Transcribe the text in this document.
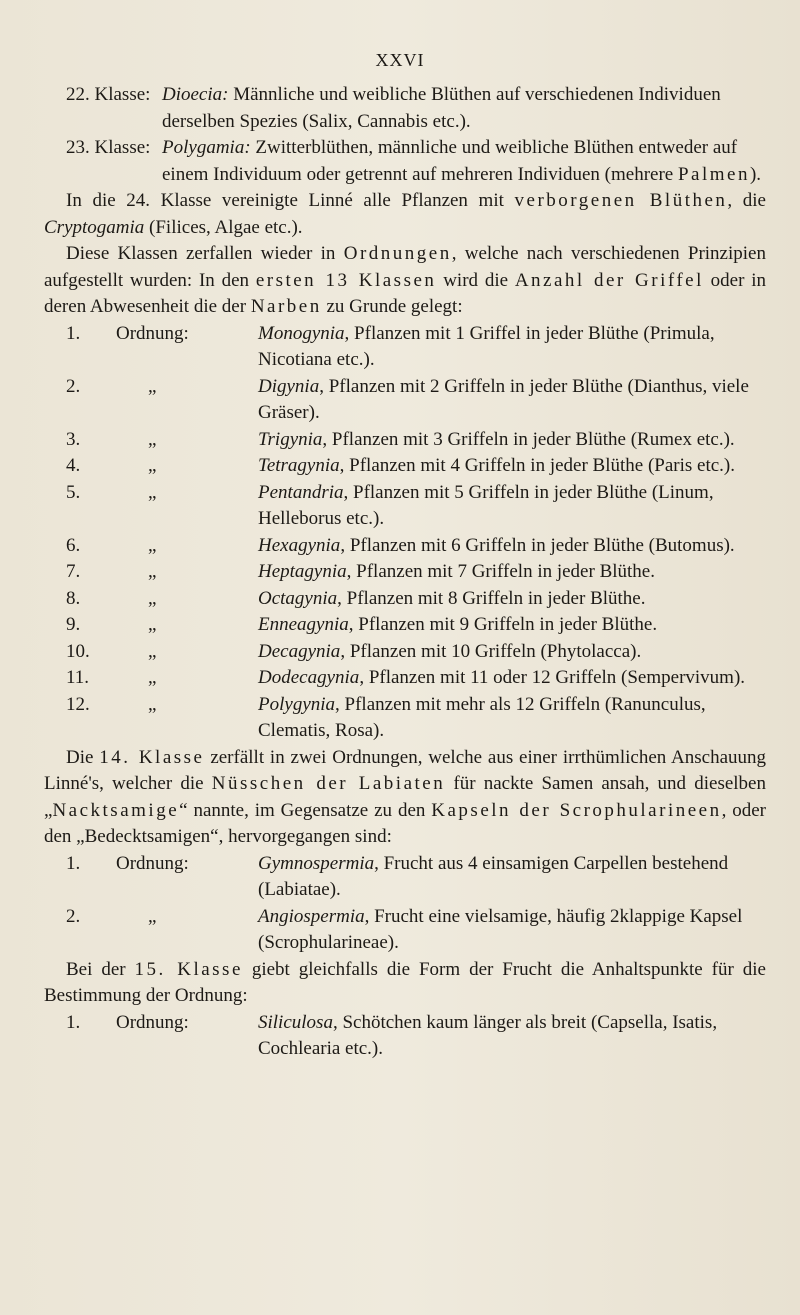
XXVI
22. Klasse: Dioecia: Männliche und weibliche Blüthen auf verschiedenen Individuen derselben Spezies (Salix, Cannabis etc.).
23. Klasse: Polygamia: Zwitterblüthen, männliche und weibliche Blüthen entweder auf einem Individuum oder getrennt auf mehreren Individuen (mehrere Palmen).
In die 24. Klasse vereinigte Linné alle Pflanzen mit verborgenen Blüthen, die Cryptogamia (Filices, Algae etc.).
Diese Klassen zerfallen wieder in Ordnungen, welche nach verschiedenen Prinzipien aufgestellt wurden: In den ersten 13 Klassen wird die Anzahl der Griffel oder in deren Abwesenheit die der Narben zu Grunde gelegt:
1.	Ordnung:	Monogynia, Pflanzen mit 1 Griffel in jeder Blüthe (Primula, Nicotiana etc.).
2.	„	Digynia, Pflanzen mit 2 Griffeln in jeder Blüthe (Dianthus, viele Gräser).
3.	„	Trigynia, Pflanzen mit 3 Griffeln in jeder Blüthe (Rumex etc.).
4.	„	Tetragynia, Pflanzen mit 4 Griffeln in jeder Blüthe (Paris etc.).
5.	„	Pentandria, Pflanzen mit 5 Griffeln in jeder Blüthe (Linum, Helleborus etc.).
6.	„	Hexagynia, Pflanzen mit 6 Griffeln in jeder Blüthe (Butomus).
7.	„	Heptagynia, Pflanzen mit 7 Griffeln in jeder Blüthe.
8.	„	Octagynia, Pflanzen mit 8 Griffeln in jeder Blüthe.
9.	„	Enneagynia, Pflanzen mit 9 Griffeln in jeder Blüthe.
10.	„	Decagynia, Pflanzen mit 10 Griffeln (Phytolacca).
11.	„	Dodecagynia, Pflanzen mit 11 oder 12 Griffeln (Sempervivum).
12.	„	Polygynia, Pflanzen mit mehr als 12 Griffeln (Ranunculus, Clematis, Rosa).
Die 14. Klasse zerfällt in zwei Ordnungen, welche aus einer irrthümlichen Anschauung Linné's, welcher die Nüsschen der Labiaten für nackte Samen ansah, und dieselben „Nacktsamige“ nannte, im Gegensatze zu den Kapseln der Scrophularineen, oder den „Bedecktsamigen“, hervorgegangen sind:
1.	Ordnung:	Gymnospermia, Frucht aus 4 einsamigen Carpellen bestehend (Labiatae).
2.	„	Angiospermia, Frucht eine vielsamige, häufig 2klappige Kapsel (Scrophularineae).
Bei der 15. Klasse giebt gleichfalls die Form der Frucht die Anhaltspunkte für die Bestimmung der Ordnung:
1.	Ordnung:	Siliculosa, Schötchen kaum länger als breit (Capsella, Isatis, Cochlearia etc.).
